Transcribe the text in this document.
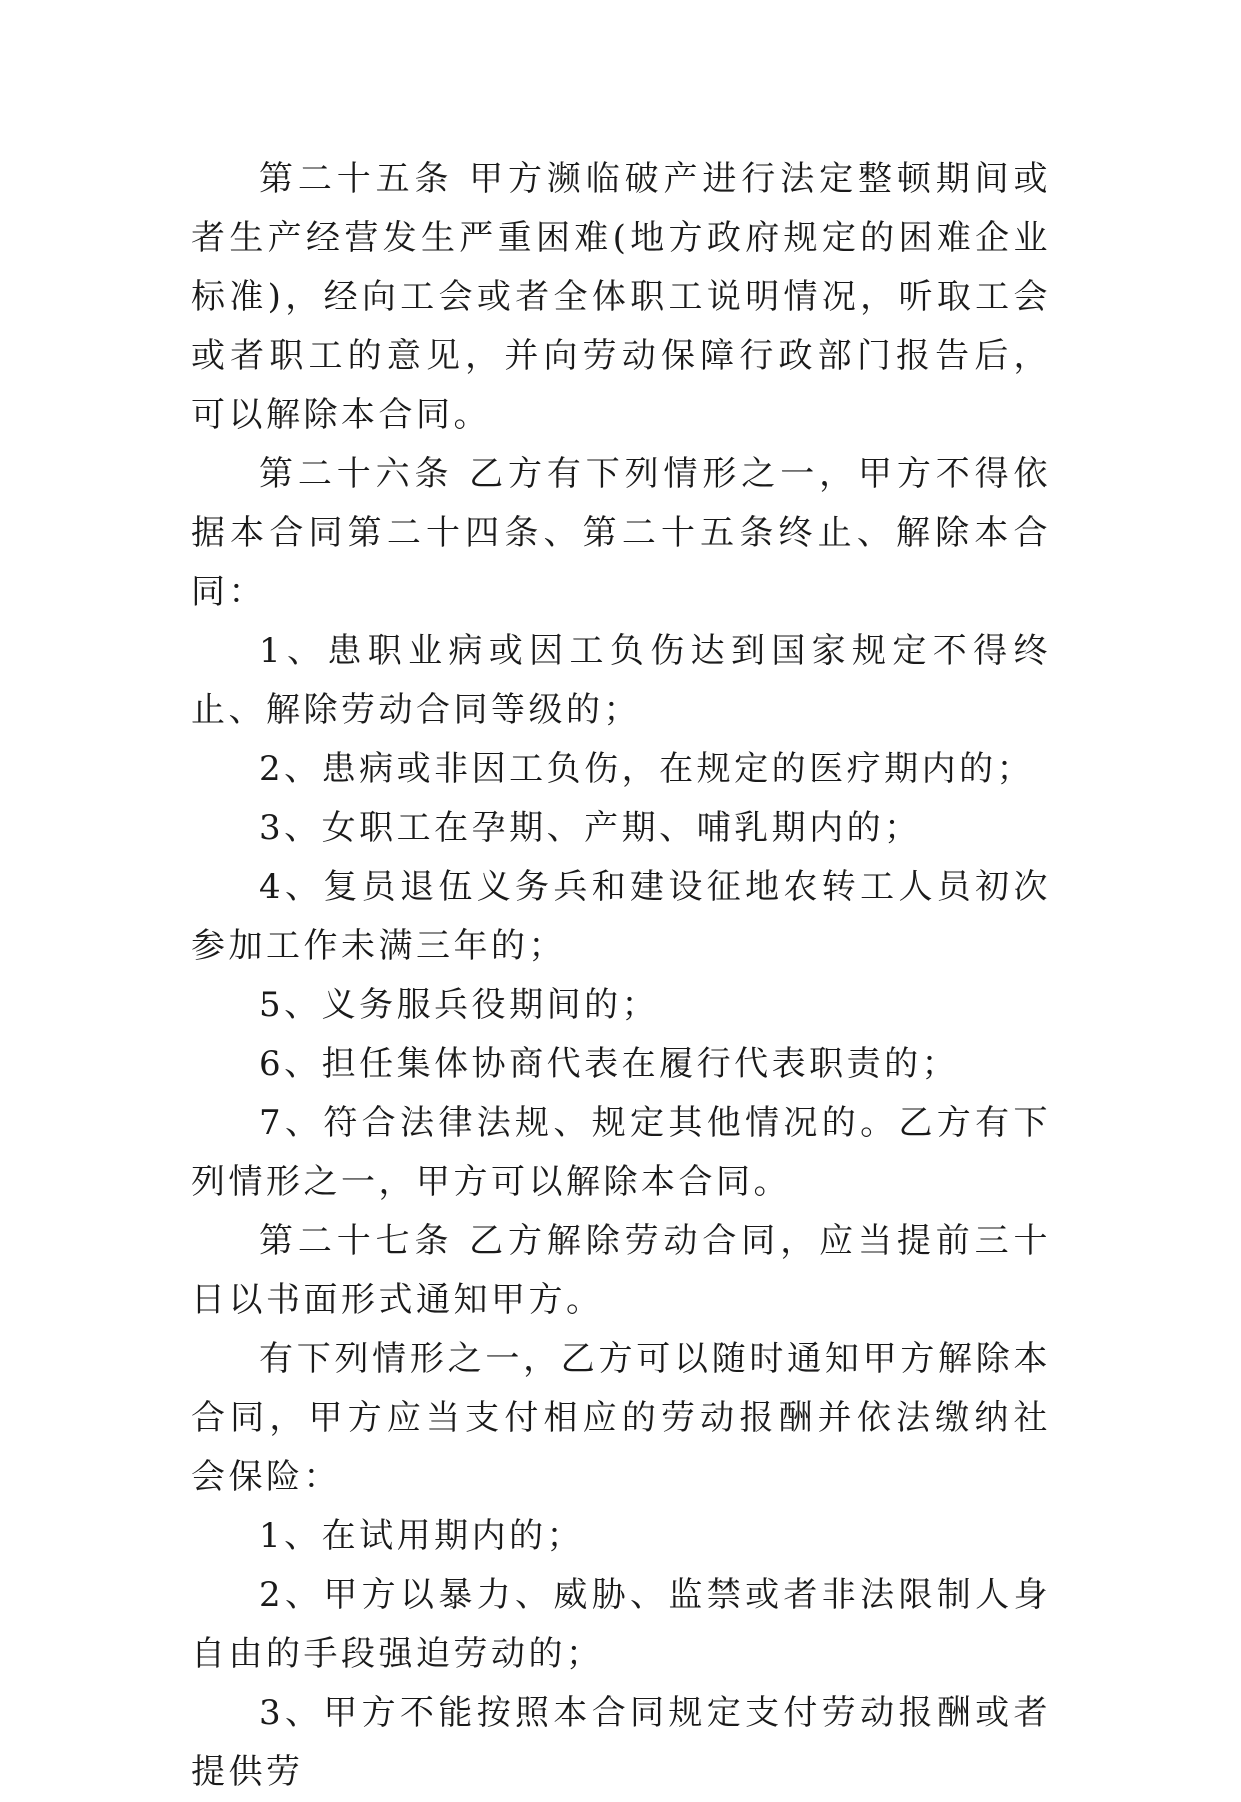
第二十五条 甲方濒临破产进行法定整顿期间或者生产经营发生严重困难(地方政府规定的困难企业标准)，经向工会或者全体职工说明情况，听取工会或者职工的意见，并向劳动保障行政部门报告后，可以解除本合同。

第二十六条 乙方有下列情形之一，甲方不得依据本合同第二十四条、第二十五条终止、解除本合同：

1、患职业病或因工负伤达到国家规定不得终止、解除劳动合同等级的；

2、患病或非因工负伤，在规定的医疗期内的；

3、女职工在孕期、产期、哺乳期内的；

4、复员退伍义务兵和建设征地农转工人员初次参加工作未满三年的；

5、义务服兵役期间的；

6、担任集体协商代表在履行代表职责的；

7、符合法律法规、规定其他情况的。乙方有下列情形之一，甲方可以解除本合同。

第二十七条 乙方解除劳动合同，应当提前三十日以书面形式通知甲方。

有下列情形之一，乙方可以随时通知甲方解除本合同，甲方应当支付相应的劳动报酬并依法缴纳社会保险：

1、在试用期内的；

2、甲方以暴力、威胁、监禁或者非法限制人身自由的手段强迫劳动的；

3、甲方不能按照本合同规定支付劳动报酬或者提供劳
